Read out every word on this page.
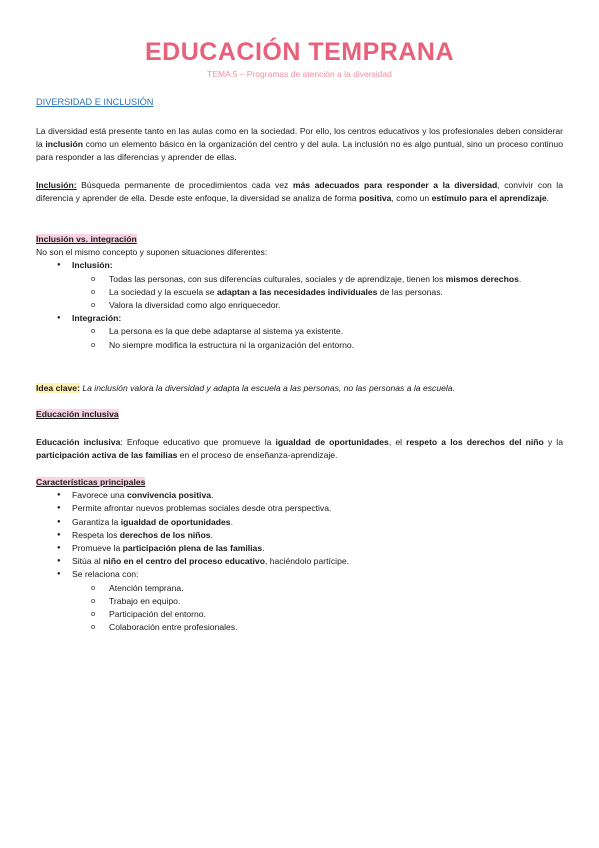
EDUCACIÓN TEMPRANA
TEMA 5 – Programas de atención a la diversidad

DIVERSIDAD E INCLUSIÓN

La diversidad está presente tanto en las aulas como en la sociedad. Por ello, los centros educativos y los profesionales deben considerar la inclusión como un elemento básico en la organización del centro y del aula. La inclusión no es algo puntual, sino un proceso continuo para responder a las diferencias y aprender de ellas.

Inclusión: Búsqueda permanente de procedimientos cada vez más adecuados para responder a la diversidad, convivir con la diferencia y aprender de ella. Desde este enfoque, la diversidad se analiza de forma positiva, como un estímulo para el aprendizaje.

Inclusión vs. integración

No son el mismo concepto y suponen situaciones diferentes:

● Inclusión:
o Todas las personas, con sus diferencias culturales, sociales y de aprendizaje, tienen los mismos derechos.
o La sociedad y la escuela se adaptan a las necesidades individuales de las personas.
o Valora la diversidad como algo enriquecedor.
● Integración:
o La persona es la que debe adaptarse al sistema ya existente.
o No siempre modifica la estructura ni la organización del entorno.

Idea clave: La inclusión valora la diversidad y adapta la escuela a las personas, no las personas a la escuela.

Educación inclusiva

Educación inclusiva: Enfoque educativo que promueve la igualdad de oportunidades, el respeto a los derechos del niño y la participación activa de las familias en el proceso de enseñanza-aprendizaje.

Características principales

● Favorece una convivencia positiva.
● Permite afrontar nuevos problemas sociales desde otra perspectiva.
● Garantiza la igualdad de oportunidades.
● Respeta los derechos de los niños.
● Promueve la participación plena de las familias.
● Sitúa al niño en el centro del proceso educativo, haciéndolo partícipe.
● Se relaciona con:
o Atención temprana.
o Trabajo en equipo.
o Participación del entorno.
o Colaboración entre profesionales.
